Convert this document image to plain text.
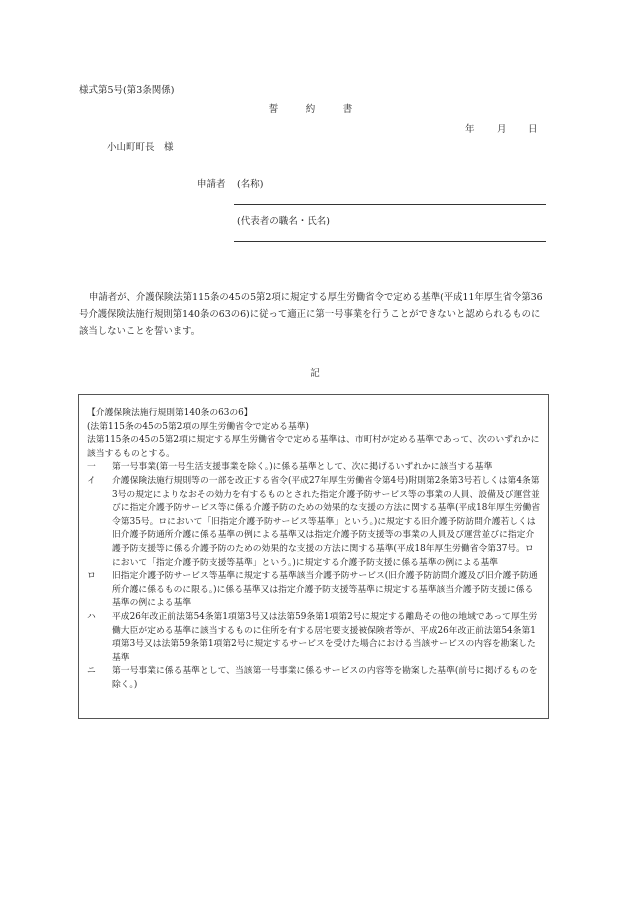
様式第5号(第3条関係)
誓　約　書
年 月 日
小山町町長　様
申請者 (名称)
(代表者の職名・氏名)
申請者が、介護保険法第115条の45の5第2項に規定する厚生労働省令で定める基準(平成11年厚生省令第36号介護保険法施行規則第140条の63の6)に従って適正に第一号事業を行うことができないと認められるものに該当しないことを誓います。
記
【介護保険法施行規則第140条の63の6】
(法第115条の45の5第2項の厚生労働省令で定める基準)
法第115条の45の5第2項に規定する厚生労働省令で定める基準は、市町村が定める基準であって、次のいずれかに該当するものとする。
一	第一号事業(第一号生活支援事業を除く。)に係る基準として、次に掲げるいずれかに該当する基準
イ	介護保険法施行規則等の一部を改正する省令(平成27年厚生労働省令第4号)附則第2条第3号若しくは第4条第3号の規定によりなおその効力を有するものとされた指定介護予防サービス等の事業の人員、設備及び運営並びに指定介護予防サービス等に係る介護予防のための効果的な支援の方法に関する基準(平成18年厚生労働省令第35号。ロにおいて「旧指定介護予防サービス等基準」という。)に規定する旧介護予防訪問介護若しくは旧介護予防通所介護に係る基準の例による基準又は指定介護予防支援等の事業の人員及び運営並びに指定介護予防支援等に係る介護予防のための効果的な支援の方法に関する基準(平成18年厚生労働省令第37号。ロにおいて「指定介護予防支援等基準」という。)に規定する介護予防支援に係る基準の例による基準
ロ	旧指定介護予防サービス等基準に規定する基準該当介護予防サービス(旧介護予防訪問介護及び旧介護予防通所介護に係るものに限る。)に係る基準又は指定介護予防支援等基準に規定する基準該当介護予防支援に係る基準の例による基準
ハ	平成26年改正前法第54条第1項第3号又は法第59条第1項第2号に規定する離島その他の地域であって厚生労働大臣が定める基準に該当するものに住所を有する居宅要支援被保険者等が、平成26年改正前法第54条第1項第3号又は法第59条第1項第2号に規定するサービスを受けた場合における当該サービスの内容を勘案した基準
ニ	第一号事業に係る基準として、当該第一号事業に係るサービスの内容等を勘案した基準(前号に掲げるものを除く。)
